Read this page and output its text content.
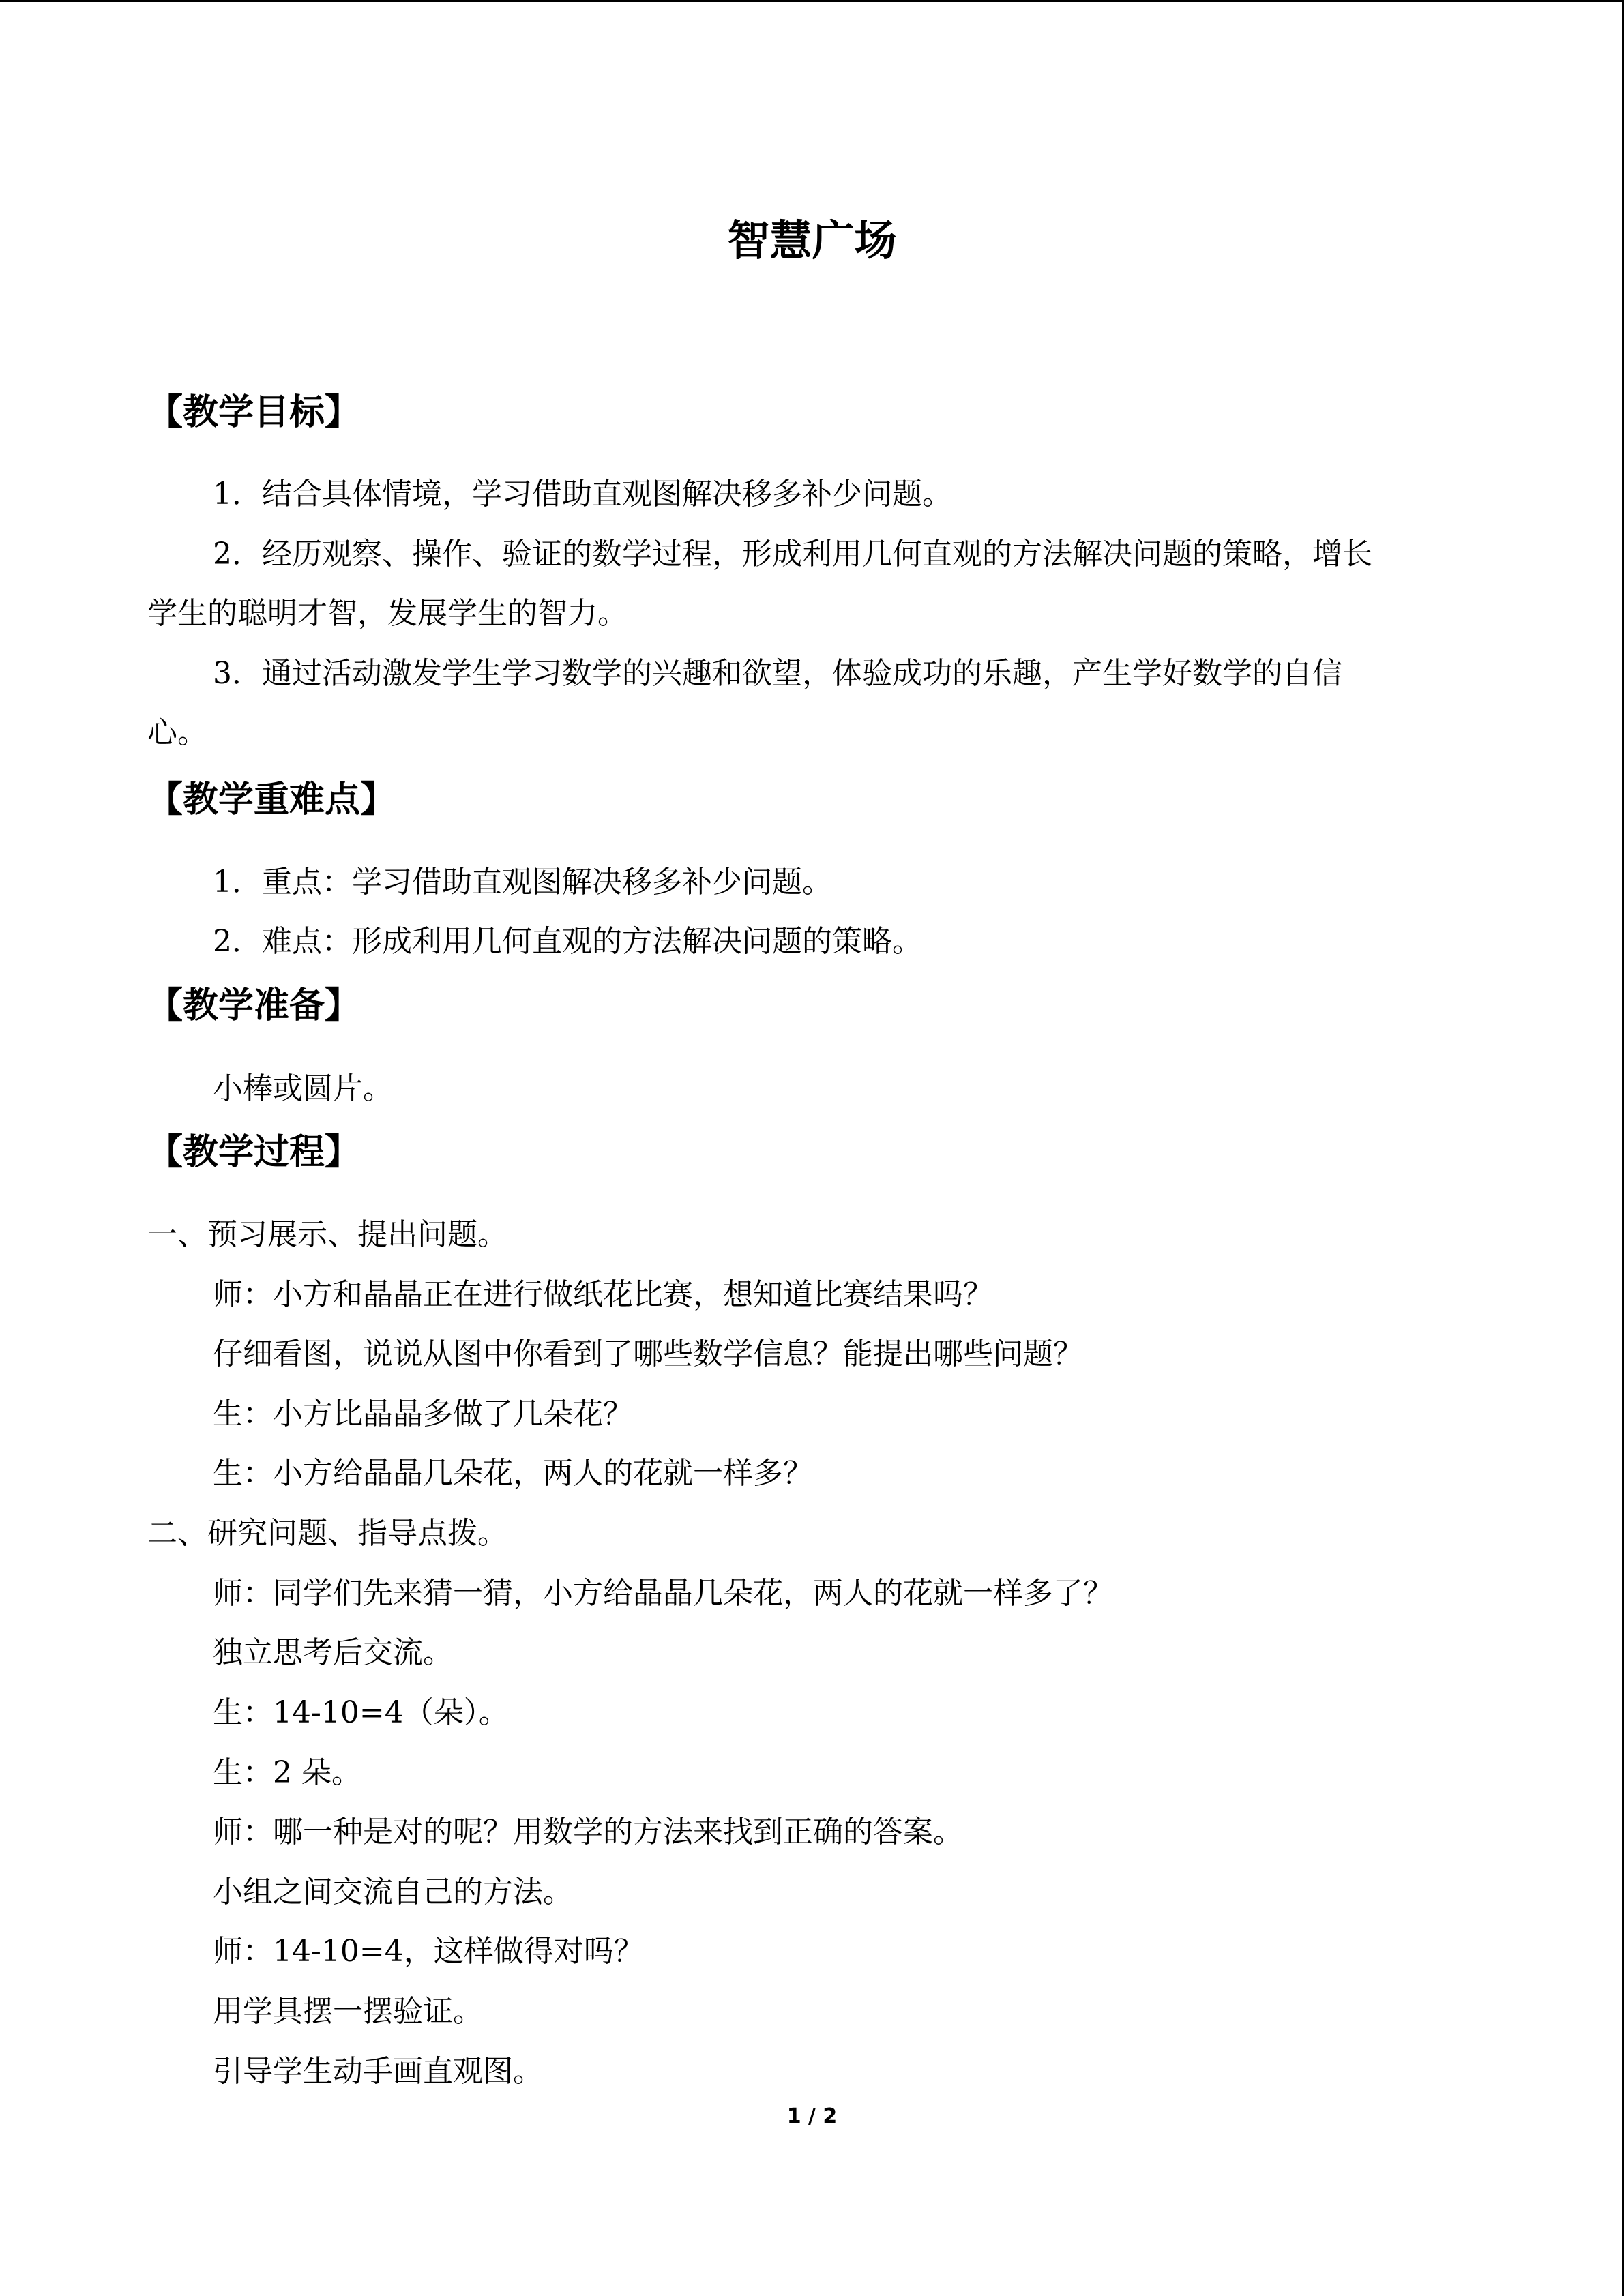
智慧广场
【教学目标】
1．结合具体情境，学习借助直观图解决移多补少问题。
2．经历观察、操作、验证的数学过程，形成利用几何直观的方法解决问题的策略，增长
学生的聪明才智，发展学生的智力。
3．通过活动激发学生学习数学的兴趣和欲望，体验成功的乐趣，产生学好数学的自信
心。
【教学重难点】
1．重点：学习借助直观图解决移多补少问题。
2．难点：形成利用几何直观的方法解决问题的策略。
【教学准备】
小棒或圆片。
【教学过程】
一、预习展示、提出问题。
师：小方和晶晶正在进行做纸花比赛，想知道比赛结果吗？
仔细看图，说说从图中你看到了哪些数学信息？能提出哪些问题？
生：小方比晶晶多做了几朵花？
生：小方给晶晶几朵花，两人的花就一样多？
二、研究问题、指导点拨。
师：同学们先来猜一猜，小方给晶晶几朵花，两人的花就一样多了？
独立思考后交流。
生：14-10=4（朵）。
生：2 朵。
师：哪一种是对的呢？用数学的方法来找到正确的答案。
小组之间交流自己的方法。
师：14-10=4，这样做得对吗？
用学具摆一摆验证。
引导学生动手画直观图。
1 / 2
